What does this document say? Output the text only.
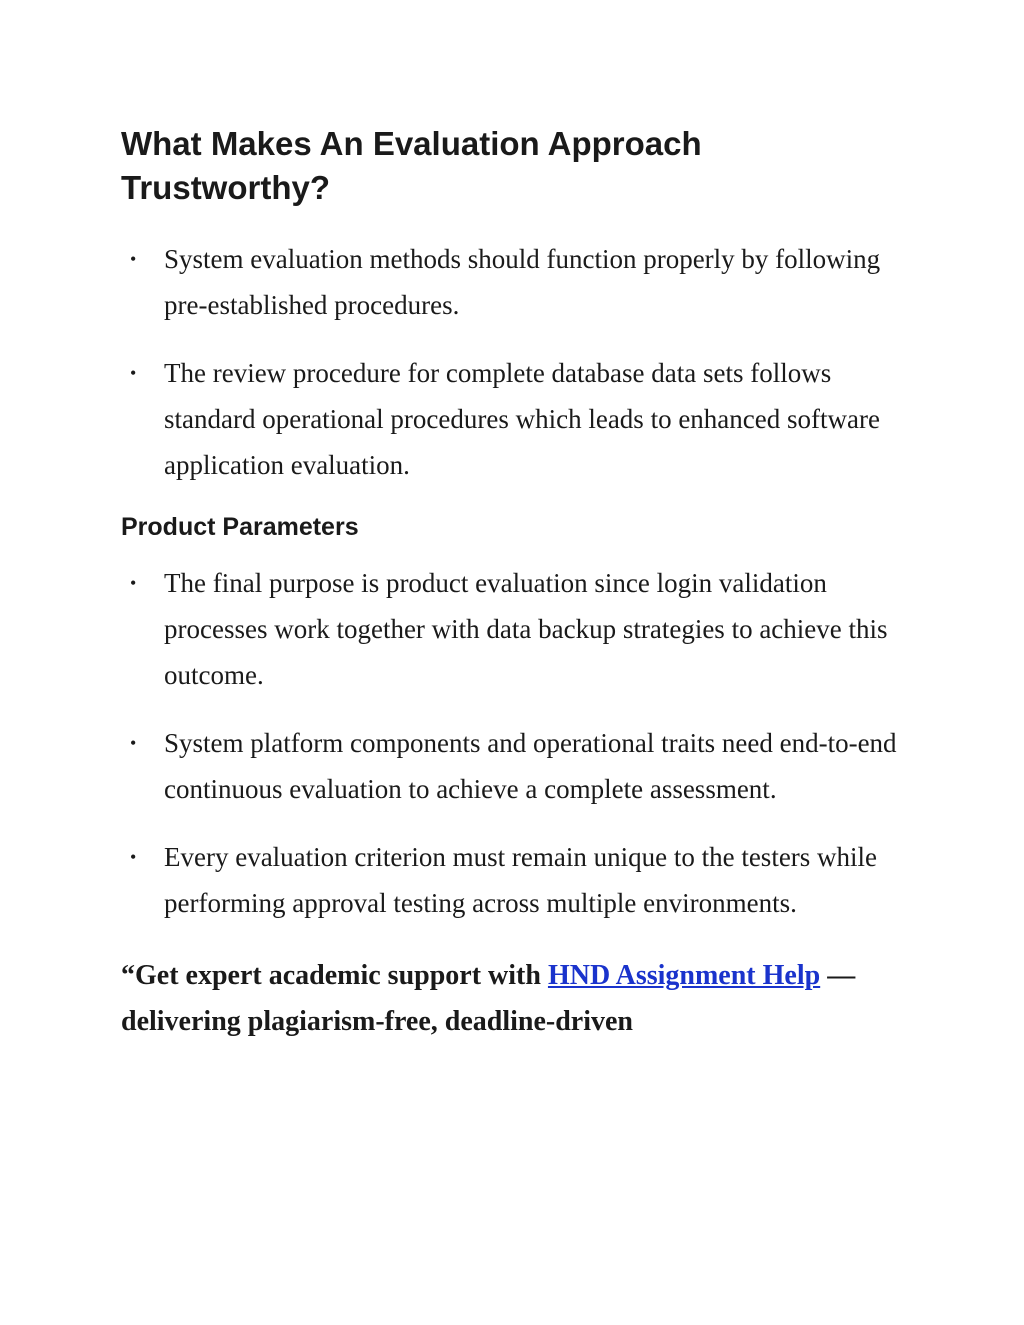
What Makes An Evaluation Approach Trustworthy?
• System evaluation methods should function properly by following pre-established procedures.
• The review procedure for complete database data sets follows standard operational procedures which leads to enhanced software application evaluation.
Product Parameters
• The final purpose is product evaluation since login validation processes work together with data backup strategies to achieve this outcome.
• System platform components and operational traits need end-to-end continuous evaluation to achieve a complete assessment.
• Every evaluation criterion must remain unique to the testers while performing approval testing across multiple environments.

“Get expert academic support with HND Assignment Help — delivering plagiarism-free, deadline-driven
